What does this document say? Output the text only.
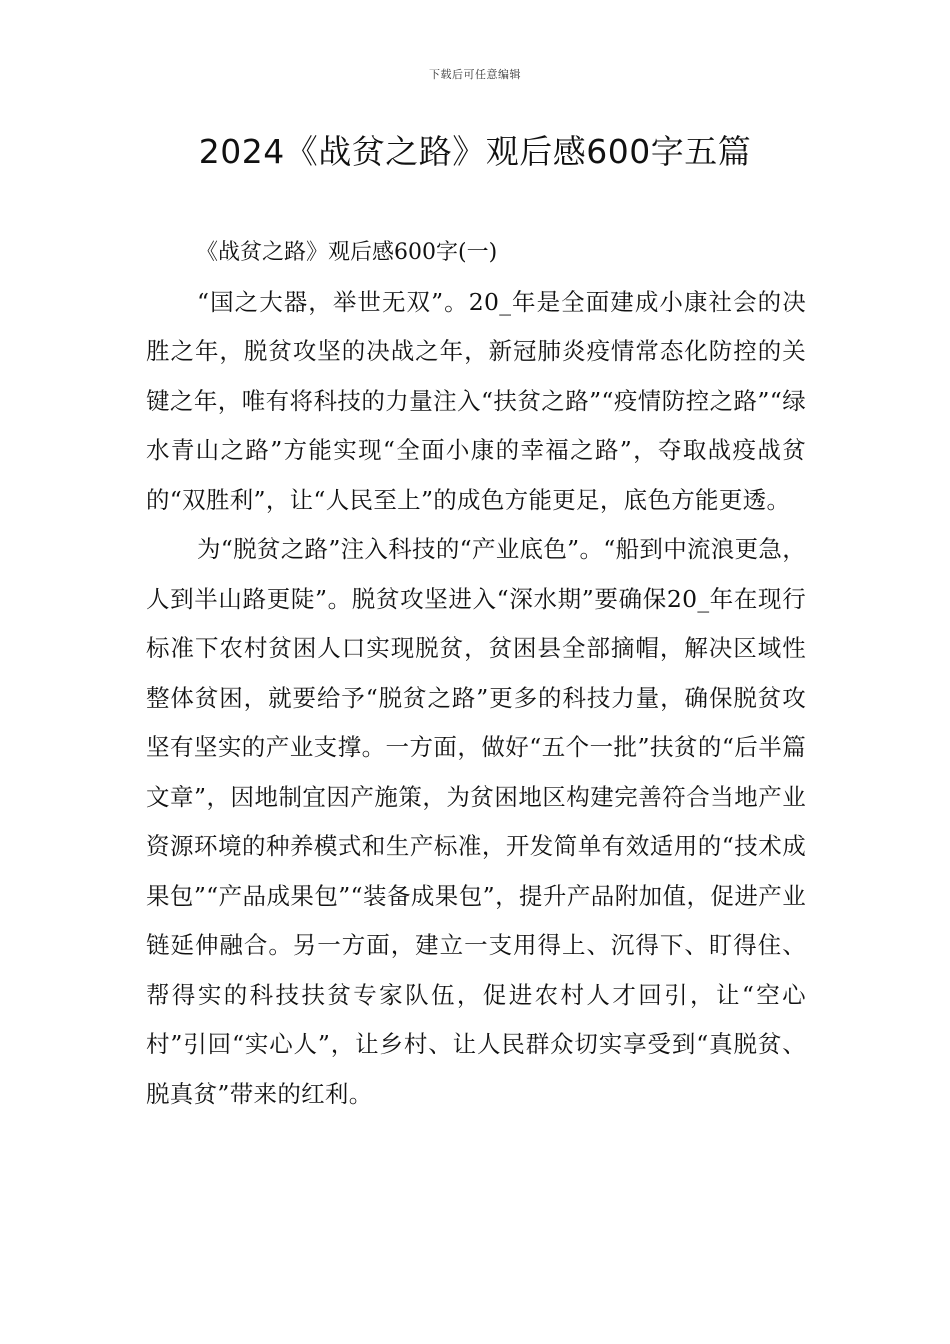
下载后可任意编辑
2024《战贫之路》观后感600字五篇
《战贫之路》观后感600字(一)

“国之大器，举世无双”。20_年是全面建成小康社会的决胜之年，脱贫攻坚的决战之年，新冠肺炎疫情常态化防控的关键之年，唯有将科技的力量注入“扶贫之路”“疫情防控之路”“绿水青山之路”方能实现“全面小康的幸福之路”，夺取战疫战贫的“双胜利”，让“人民至上”的成色方能更足，底色方能更透。

为“脱贫之路”注入科技的“产业底色”。“船到中流浪更急，人到半山路更陡”。脱贫攻坚进入“深水期”要确保20_年在现行标准下农村贫困人口实现脱贫，贫困县全部摘帽，解决区域性整体贫困，就要给予“脱贫之路”更多的科技力量，确保脱贫攻坚有坚实的产业支撑。一方面，做好“五个一批”扶贫的“后半篇文章”，因地制宜因产施策，为贫困地区构建完善符合当地产业资源环境的种养模式和生产标准，开发简单有效适用的“技术成果包”“产品成果包”“装备成果包”，提升产品附加值，促进产业链延伸融合。另一方面，建立一支用得上、沉得下、盯得住、帮得实的科技扶贫专家队伍，促进农村人才回引，让“空心村”引回“实心人”，让乡村、让人民群众切实享受到“真脱贫、脱真贫”带来的红利。
